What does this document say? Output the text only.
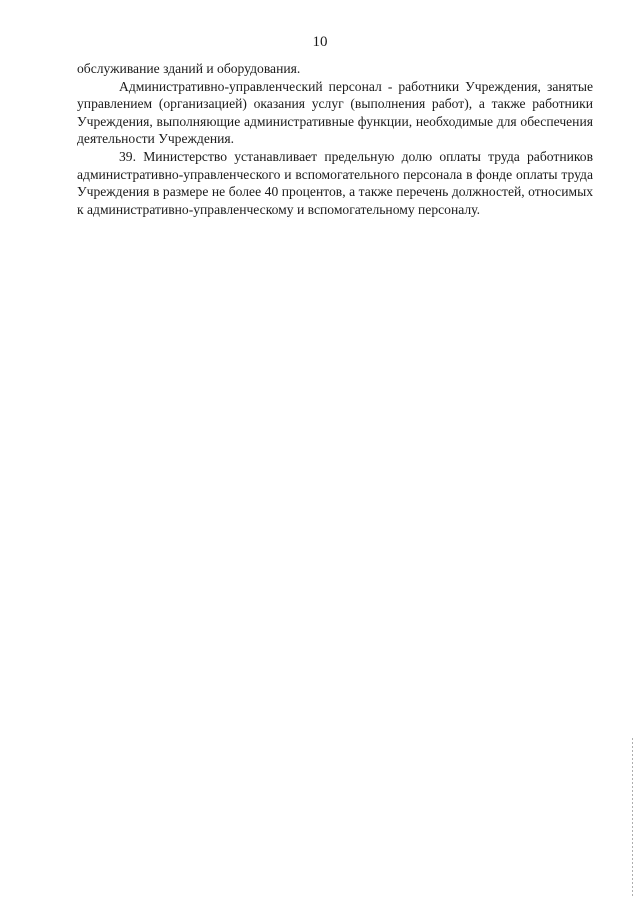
10

обслуживание зданий и оборудования.

Административно-управленческий персонал - работники Учреждения, занятые управлением (организацией) оказания услуг (выполнения работ), а также работники Учреждения, выполняющие административные функции, необходимые для обеспечения деятельности Учреждения.

39. Министерство устанавливает предельную долю оплаты труда работников административно-управленческого и вспомогательного персонала в фонде оплаты труда Учреждения в размере не более 40 процентов, а также перечень должностей, относимых к административно-управленческому и вспомогательному персоналу.
